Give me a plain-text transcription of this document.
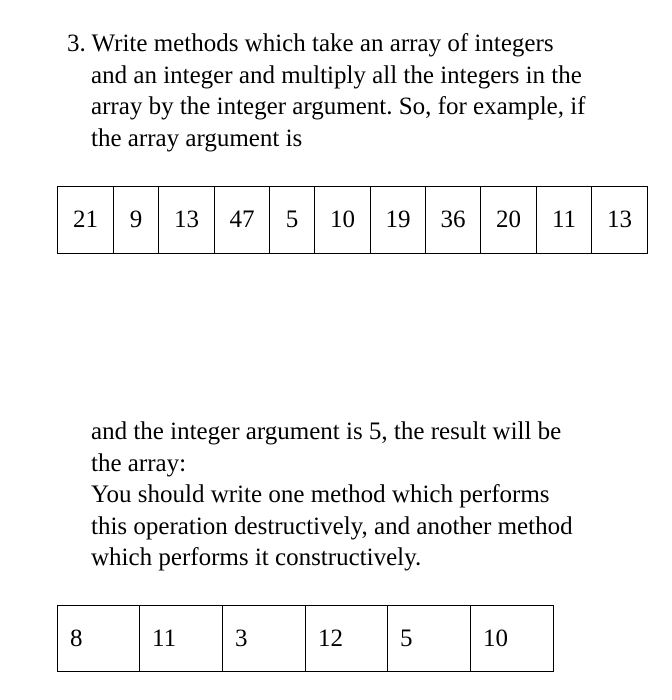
3. Write methods which take an array of integers
and an integer and multiply all the integers in the
array by the integer argument. So, for example, if
the array argument is
21	9	13	47	5	10	19	36	20	11	13
and the integer argument is 5, the result will be
the array:
You should write one method which performs
this operation destructively, and another method
which performs it constructively.
8	11	3	12	5	10
